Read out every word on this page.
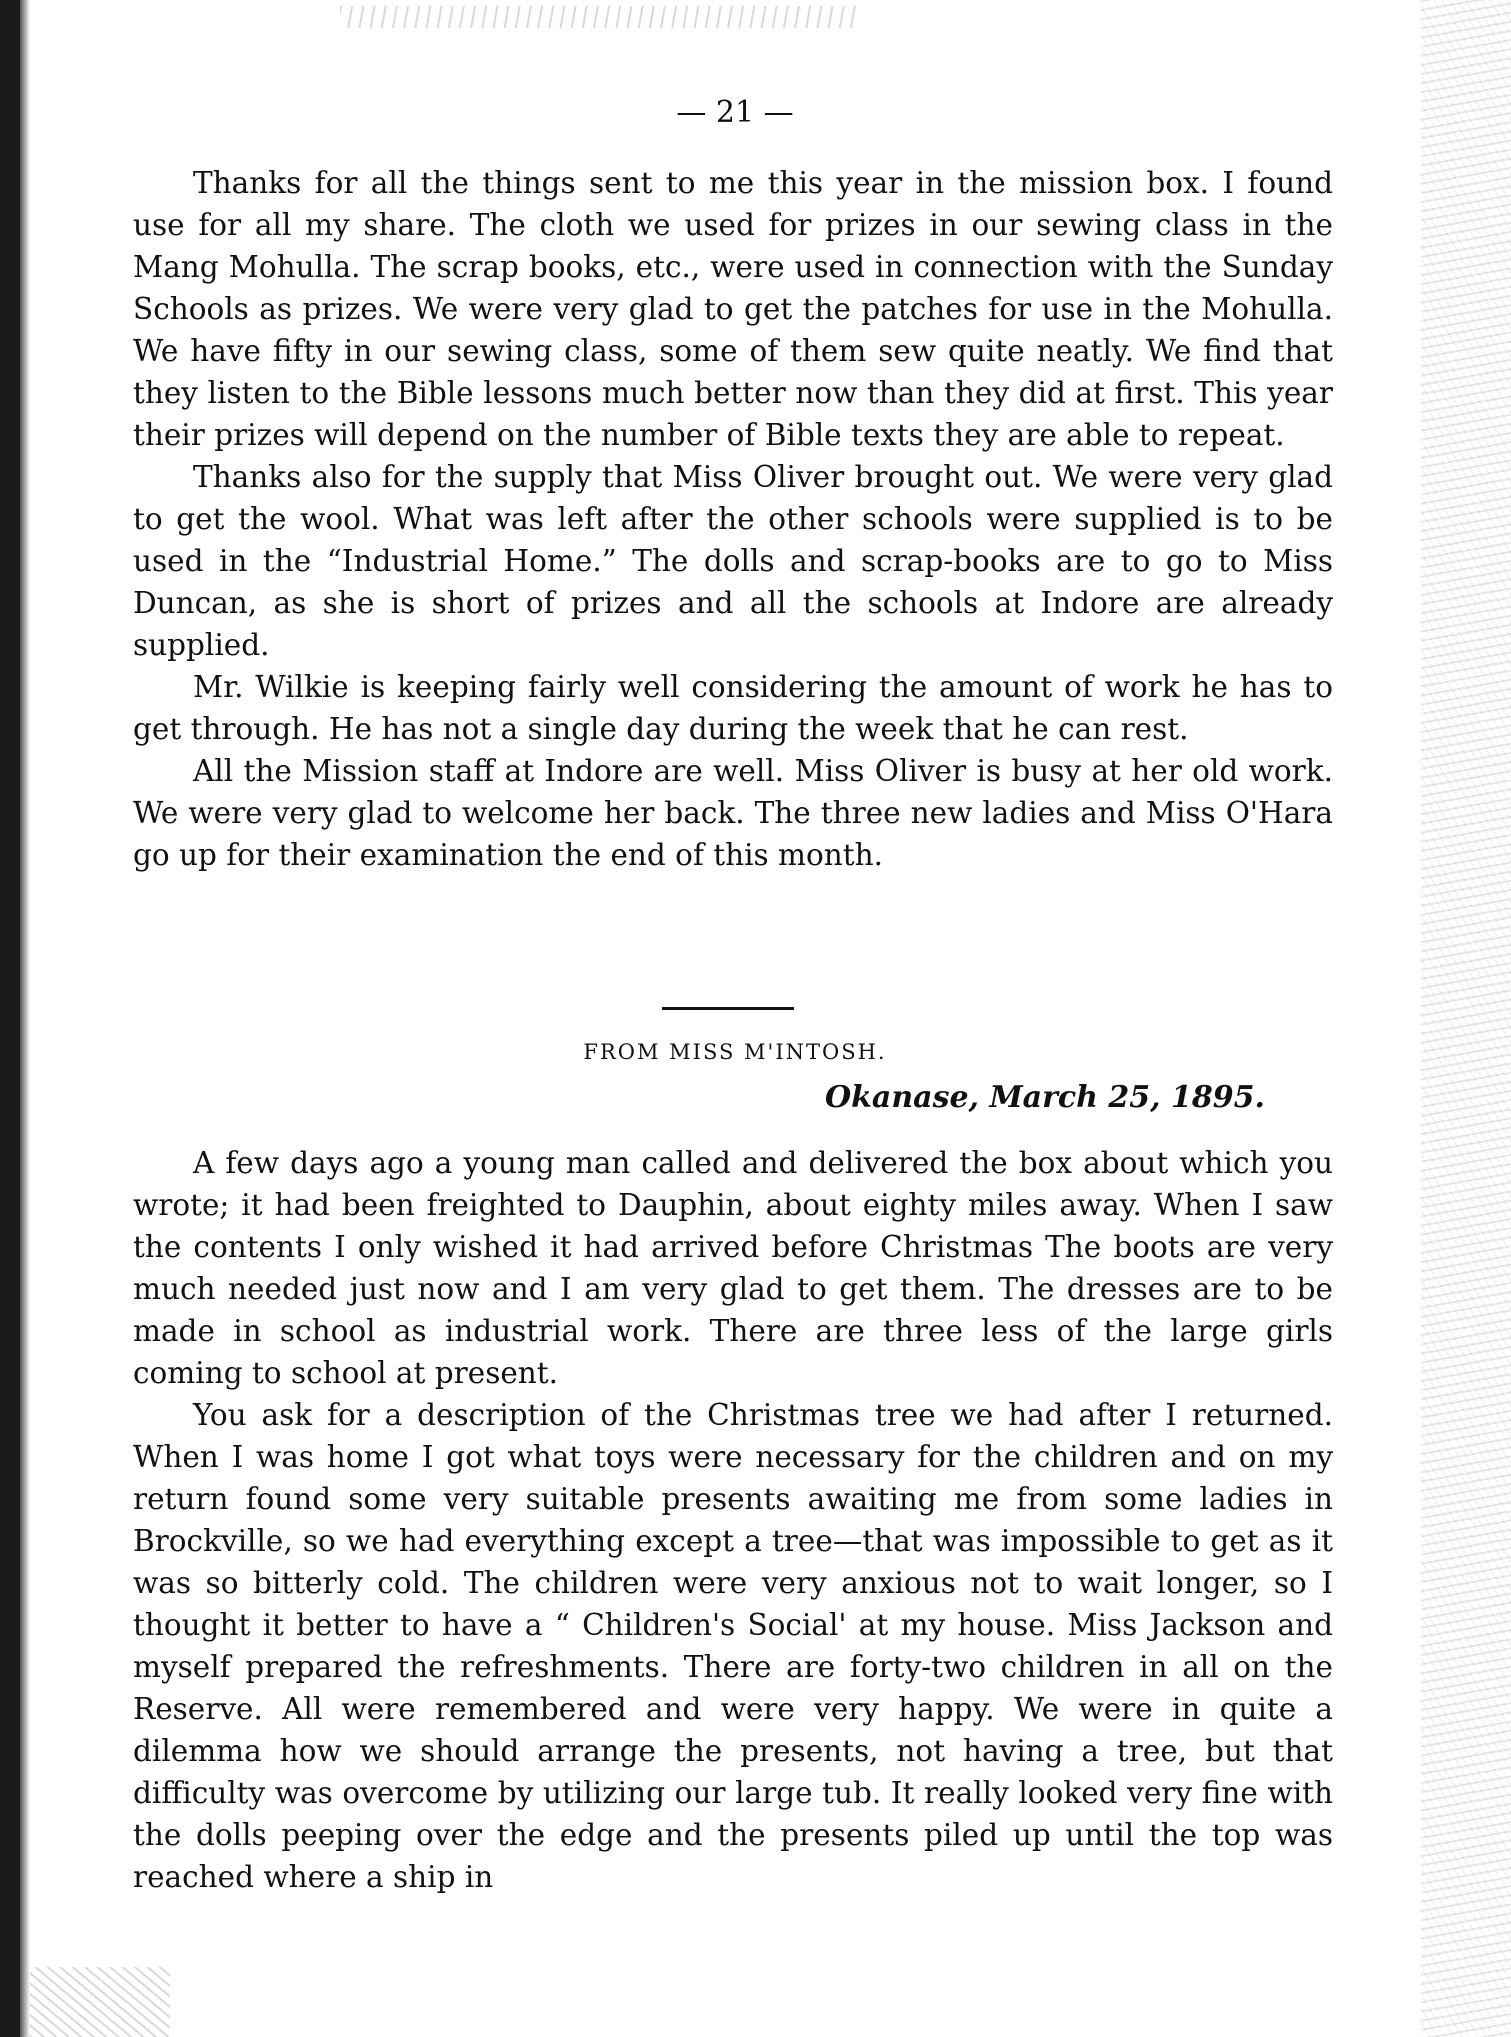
— 21 —

Thanks for all the things sent to me this year in the mission box. I found use for all my share. The cloth we used for prizes in our sewing class in the Mang Mohulla. The scrap books, etc., were used in connection with the Sunday Schools as prizes. We were very glad to get the patches for use in the Mohulla. We have fifty in our sewing class, some of them sew quite neatly. We find that they listen to the Bible lessons much better now than they did at first. This year their prizes will depend on the number of Bible texts they are able to repeat.

Thanks also for the supply that Miss Oliver brought out. We were very glad to get the wool. What was left after the other schools were supplied is to be used in the “Industrial Home.” The dolls and scrap-books are to go to Miss Duncan, as she is short of prizes and all the schools at Indore are already supplied.

Mr. Wilkie is keeping fairly well considering the amount of work he has to get through. He has not a single day during the week that he can rest.

All the Mission staff at Indore are well. Miss Oliver is busy at her old work. We were very glad to welcome her back. The three new ladies and Miss O'Hara go up for their examination the end of this month.

FROM MISS M'INTOSH.
Okanase, March 25, 1895.

A few days ago a young man called and delivered the box about which you wrote; it had been freighted to Dauphin, about eighty miles away. When I saw the contents I only wished it had arrived before Christmas The boots are very much needed just now and I am very glad to get them. The dresses are to be made in school as industrial work. There are three less of the large girls coming to school at present.

You ask for a description of the Christmas tree we had after I returned. When I was home I got what toys were necessary for the children and on my return found some very suitable presents awaiting me from some ladies in Brockville, so we had everything except a tree—that was impossible to get as it was so bitterly cold. The children were very anxious not to wait longer, so I thought it better to have a “ Children's Social' at my house. Miss Jackson and myself prepared the refreshments. There are forty-two children in all on the Reserve. All were remembered and were very happy. We were in quite a dilemma how we should arrange the presents, not having a tree, but that difficulty was overcome by utilizing our large tub. It really looked very fine with the dolls peeping over the edge and the presents piled up until the top was reached where a ship in
